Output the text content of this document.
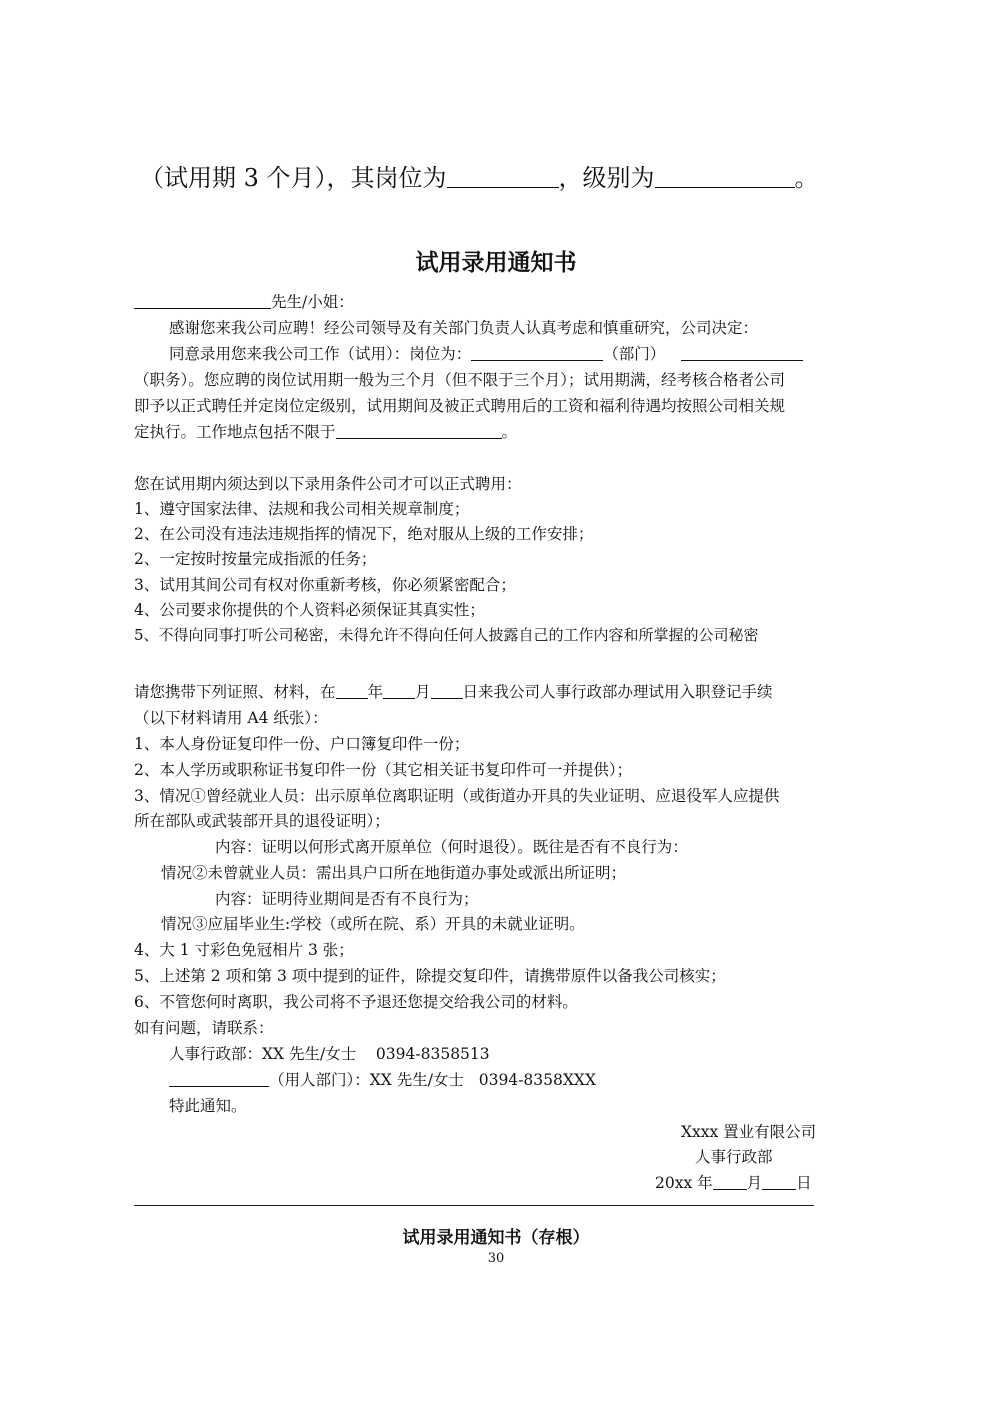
（试用期 3 个月），其岗位为	，级别为	。
试用录用通知书
先生/小姐：
感谢您来我公司应聘！经公司领导及有关部门负责人认真考虑和慎重研究，公司决定：
同意录用您来我公司工作（试用）：岗位为：	（部门）
（职务）。您应聘的岗位试用期一般为三个月（但不限于三个月）；试用期满，经考核合格者公司
即予以正式聘任并定岗位定级别，试用期间及被正式聘用后的工资和福利待遇均按照公司相关规
定执行。工作地点包括不限于	。
您在试用期内须达到以下录用条件公司才可以正式聘用：
1、遵守国家法律、法规和我公司相关规章制度；
2、在公司没有违法违规指挥的情况下，绝对服从上级的工作安排；
2、一定按时按量完成指派的任务；
3、试用其间公司有权对你重新考核，你必须紧密配合；
4、公司要求你提供的个人资料必须保证其真实性；
5、不得向同事打听公司秘密，未得允许不得向任何人披露自己的工作内容和所掌握的公司秘密
请您携带下列证照、材料，在 年 月 日来我公司人事行政部办理试用入职登记手续
（以下材料请用 A4 纸张）：
1、本人身份证复印件一份、户口簿复印件一份；
2、本人学历或职称证书复印件一份（其它相关证书复印件可一并提供）；
3、情况①曾经就业人员：出示原单位离职证明（或街道办开具的失业证明、应退役军人应提供
所在部队或武装部开具的退役证明）；
内容：证明以何形式离开原单位（何时退役）。既往是否有不良行为：
情况②未曾就业人员：需出具户口所在地街道办事处或派出所证明；
内容：证明待业期间是否有不良行为；
情况③应届毕业生:学校（或所在院、系）开具的未就业证明。
4、大 1 寸彩色免冠相片 3 张；
5、上述第 2 项和第 3 项中提到的证件，除提交复印件，请携带原件以备我公司核实；
6、不管您何时离职，我公司将不予退还您提交给我公司的材料。
如有问题，请联系：
人事行政部：XX 先生/女士    0394-8358513
（用人部门）：XX 先生/女士   0394-8358XXX
特此通知。
Xxxx 置业有限公司
人事行政部
20xx 年 月 日
试用录用通知书（存根）
30
